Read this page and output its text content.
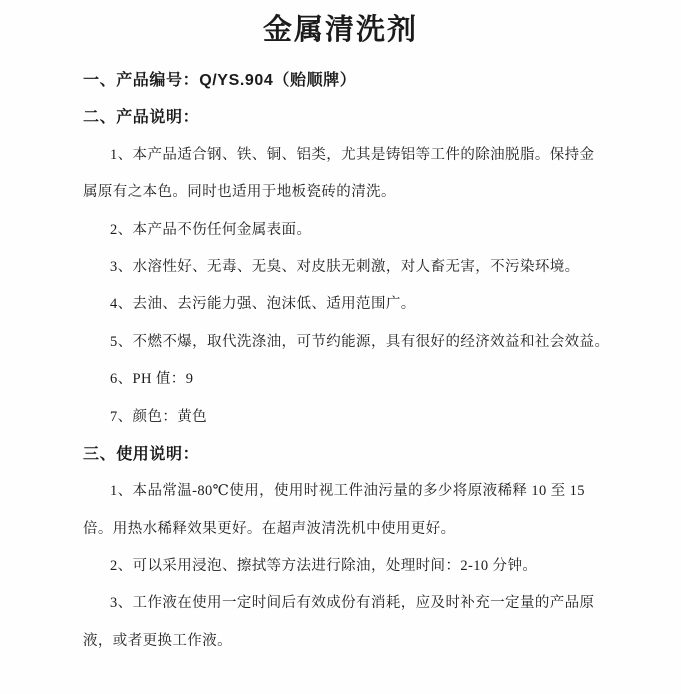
金属清洗剂
一、产品编号：Q/YS.904（贻顺牌）
二、产品说明：
1、本产品适合钢、铁、铜、铝类，尤其是铸铝等工件的除油脱脂。保持金
属原有之本色。同时也适用于地板瓷砖的清洗。
2、本产品不伤任何金属表面。
3、水溶性好、无毒、无臭、对皮肤无刺激，对人畜无害，不污染环境。
4、去油、去污能力强、泡沫低、适用范围广。
5、不燃不爆，取代洗涤油，可节约能源，具有很好的经济效益和社会效益。
6、PH 值：9
7、颜色：黄色
三、使用说明：
1、本品常温-80℃使用，使用时视工件油污量的多少将原液稀释 10 至 15
倍。用热水稀释效果更好。在超声波清洗机中使用更好。
2、可以采用浸泡、擦拭等方法进行除油，处理时间：2-10 分钟。
3、工作液在使用一定时间后有效成份有消耗，应及时补充一定量的产品原
液，或者更换工作液。
